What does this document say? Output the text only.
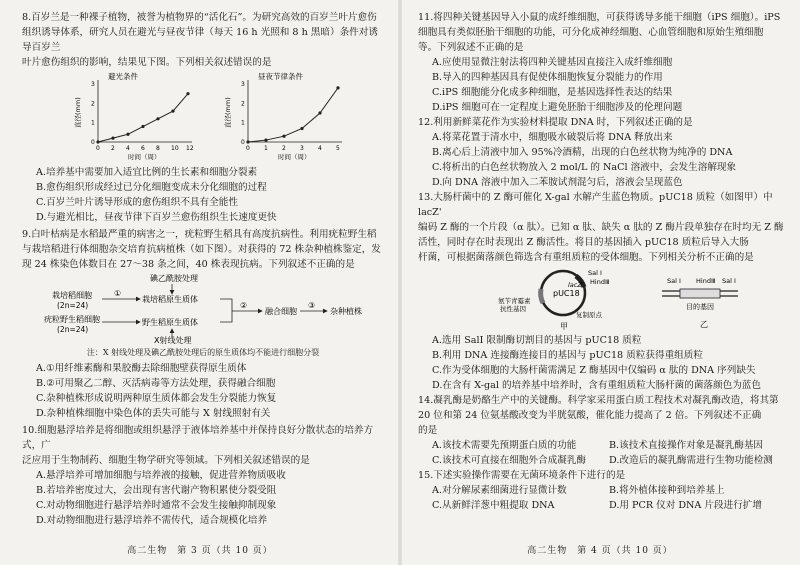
8.百岁兰是一种裸子植物，被誉为植物界的“活化石”。为研究高效的百岁兰叶片愈伤

组织诱导体系，研究人员在避光与昼夜节律（每天 16 h 光照和 8 h 黑暗）条件对诱导百岁兰

叶片愈伤组织的影响，结果见下图。下列相关叙述错误的是

避光条件
0 2 4 6 8 10 12
0
1
2
3
时间（周）
直径(mm)
昼夜节律条件
0 1 2 3 4 5
0
1
2
3
时间（周）
直径(mm)

A.培养基中需要加入适宜比例的生长素和细胞分裂素

B.愈伤组织形成经过已分化细胞变成未分化细胞的过程

C.百岁兰叶片诱导形成的愈伤组织不具有全能性

D.与避光相比，昼夜节律下百岁兰愈伤组织生长速度更快

9.白叶枯病是水稻最严重的病害之一，疣粒野生稻具有高度抗病性。利用疣粒野生稻

与栽培稻进行体细胞杂交培育抗病植株（如下图）。对获得的 72 株杂种植株鉴定，发

现 24 株染色体数目在 27～38 条之间，40 株表现抗病。下列叙述不正确的是

碘乙酰胺处理
栽培稻细胞
(2n=24)
①
栽培稻原生质体
疣粒野生稻细胞
(2n=24)
野生稻原生质体
X射线处理
②
融合细胞
③
杂种植株

注：X 射线处理及碘乙酰胺处理后的原生质体均不能进行细胞分裂

A.①用纤维素酶和果胶酶去除细胞壁获得原生质体

B.②可用聚乙二醇、灭活病毒等方法处理，获得融合细胞

C.杂种植株形成说明两种原生质体都会发生分裂能力恢复

D.杂种植株细胞中染色体的丢失可能与 X 射线照射有关

10.细胞悬浮培养是将细胞或组织悬浮于液体培养基中并保持良好分散状态的培养方式，广

泛应用于生物制药、细胞生物学研究等领域。下列相关叙述错误的是

A.悬浮培养可增加细胞与培养液的接触，促进营养物质吸收

B.若培养密度过大，会出现有害代谢产物积累使分裂受阻

C.对动物细胞进行悬浮培养时通常不会发生接触抑制现象

D.对动物细胞进行悬浮培养不需传代，适合规模化培养

高二生物　第 3 页（共 10 页）

11.将四种关键基因导入小鼠的成纤维细胞，可获得诱导多能干细胞（iPS 细胞）。iPS

细胞具有类似胚胎干细胞的功能，可分化成神经细胞、心血管细胞和原始生殖细胞

等。下列叙述不正确的是

A.应使用显微注射法将四种关键基因直接注入成纤维细胞

B.导入的四种基因具有促使体细胞恢复分裂能力的作用

C.iPS 细胞能分化成多种细胞，是基因选择性表达的结果

D.iPS 细胞可在一定程度上避免胚胎干细胞涉及的伦理问题

12.利用新鲜菜花作为实验材料提取 DNA 时，下列叙述正确的是

A.将菜花置于清水中，细胞吸水破裂后将 DNA 释放出来

B.离心后上清液中加入 95%冷酒精，出现的白色丝状物为纯净的 DNA

C.将析出的白色丝状物放入 2 mol/L 的 NaCl 溶液中，会发生溶解现象

D.向 DNA 溶液中加入二苯胺试剂混匀后，溶液会呈现蓝色

13.大肠杆菌中的 Z 酶可催化 X-gal 水解产生蓝色物质。pUC18 质粒（如图甲）中 lacZ'

编码 Z 酶的一个片段（α 肽）。已知 α 肽、缺失 α 肽的 Z 酶片段单独存在时均无 Z 酶

活性，同时存在时表现出 Z 酶活性。将目的基因插入 pUC18 质粒后导入大肠

杆菌，可根据菌落颜色筛选含有重组质粒的受体细胞。下列相关分析不正确的是

pUC18
lacZ'
Sal Ⅰ
HindⅢ
氨苄青霉素
抗性基因
复制原点
甲
Sal Ⅰ HindⅢ Sal Ⅰ
目的基因
乙

A.选用 SalⅠ 限制酶切割目的基因与 pUC18 质粒

B.利用 DNA 连接酶连接目的基因与 pUC18 质粒获得重组质粒

C.作为受体细胞的大肠杆菌需满足 Z 酶基因中仅编码 α 肽的 DNA 序列缺失

D.在含有 X-gal 的培养基中培养时，含有重组质粒大肠杆菌的菌落颜色为蓝色

14.凝乳酶是奶酪生产中的关键酶。科学家采用蛋白质工程技术对凝乳酶改造，将其第

20 位和第 24 位氨基酸改变为半胱氨酸，催化能力提高了 2 倍。下列叙述不正确

的是

A.该技术需要先预期蛋白质的功能	B.该技术直接操作对象是凝乳酶基因
C.该技术可直接在细胞外合成凝乳酶	D.改造后的凝乳酶需进行生物功能检测

15.下述实验操作需要在无菌环境条件下进行的是

A.对分解尿素细菌进行显微计数	B.将外植体接种到培养基上
C.从新鲜洋葱中粗提取 DNA	D.用 PCR 仪对 DNA 片段进行扩增
高二生物　第 4 页（共 10 页）
